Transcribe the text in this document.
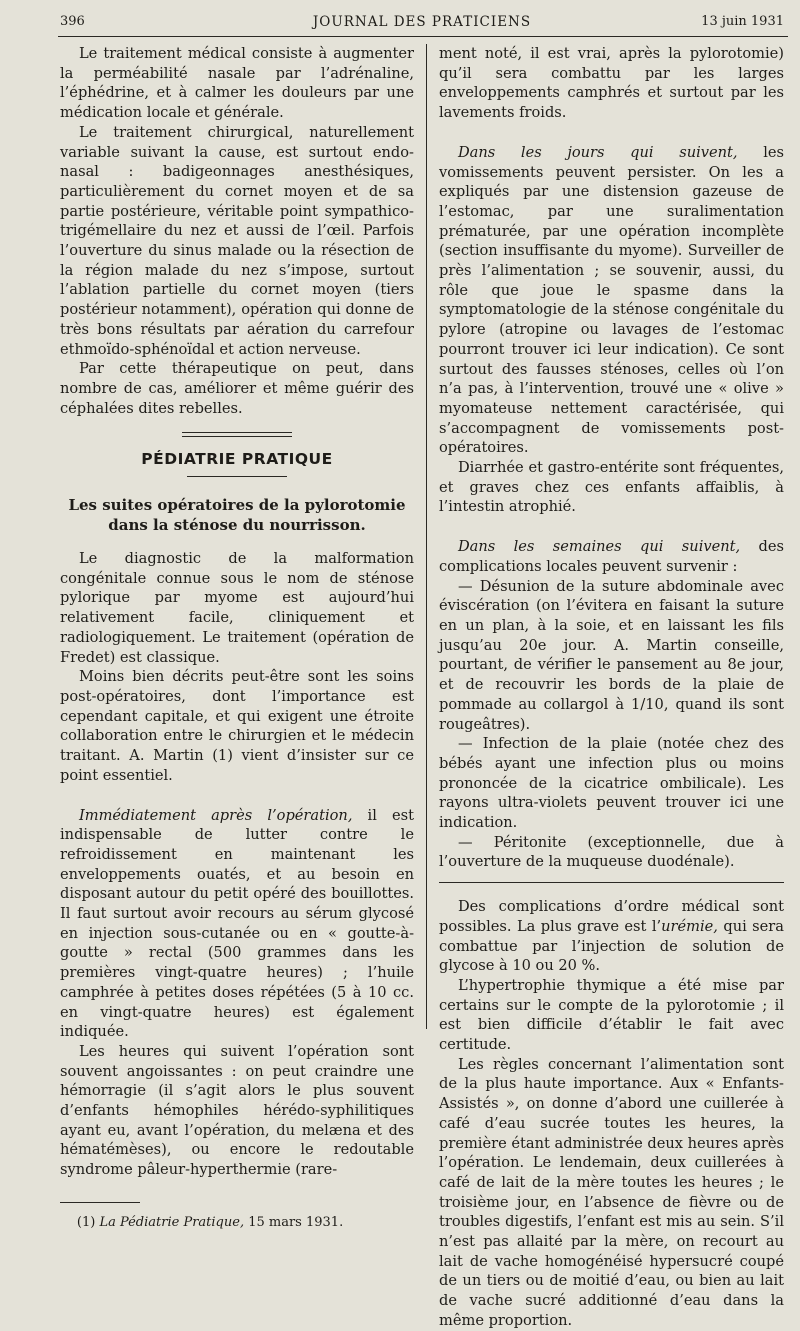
396	JOURNAL DES PRATICIENS	13 juin 1931

Le traitement médical consiste à augmenter la perméabilité nasale par l’adrénaline, l’éphédrine, et à calmer les douleurs par une médication locale et générale.

Le traitement chirurgical, naturellement variable suivant la cause, est surtout endo-nasal : badigeonnages anesthésiques, particulièrement du cornet moyen et de sa partie postérieure, véritable point sympathico-trigémellaire du nez et aussi de l’œil. Parfois l’ouverture du sinus malade ou la résection de la région malade du nez s’impose, surtout l’ablation partielle du cornet moyen (tiers postérieur notamment), opération qui donne de très bons résultats par aération du carrefour ethmoïdo-sphénoïdal et action nerveuse.

Par cette thérapeutique on peut, dans nombre de cas, améliorer et même guérir des céphalées dites rebelles.

PÉDIATRIE PRATIQUE
Les suites opératoires de la pylorotomie dans la sténose du nourrisson.

Le diagnostic de la malformation congénitale connue sous le nom de sténose pylorique par myome est aujourd’hui relativement facile, cliniquement et radiologiquement. Le traitement (opération de Fredet) est classique.

Moins bien décrits peut-être sont les soins post-opératoires, dont l’importance est cependant capitale, et qui exigent une étroite collaboration entre le chirurgien et le médecin traitant. A. Martin (1) vient d’insister sur ce point essentiel.

Immédiatement après l’opération, il est indispensable de lutter contre le refroidissement en maintenant les enveloppements ouatés, et au besoin en disposant autour du petit opéré des bouillottes. Il faut surtout avoir recours au sérum glycosé en injection sous-cutanée ou en « goutte-à-goutte » rectal (500 grammes dans les premières vingt-quatre heures) ; l’huile camphrée à petites doses répétées (5 à 10 cc. en vingt-quatre heures) est également indiquée.

Les heures qui suivent l’opération sont souvent angoissantes : on peut craindre une hémorragie (il s’agit alors le plus souvent d’enfants hémophiles hérédo-syphilitiques ayant eu, avant l’opération, du melæna et des hématémèses), ou encore le redoutable syndrome pâleur-hyperthermie (rare-

(1) La Pédiatrie Pratique, 15 mars 1931.

ment noté, il est vrai, après la pylorotomie) qu’il sera combattu par les larges enveloppements camphrés et surtout par les lavements froids.

Dans les jours qui suivent, les vomissements peuvent persister. On les a expliqués par une distension gazeuse de l’estomac, par une suralimentation prématurée, par une opération incomplète (section insuffisante du myome). Surveiller de près l’alimentation ; se souvenir, aussi, du rôle que joue le spasme dans la symptomatologie de la sténose congénitale du pylore (atropine ou lavages de l’estomac pourront trouver ici leur indication). Ce sont surtout des fausses sténoses, celles où l’on n’a pas, à l’intervention, trouvé une « olive » myomateuse nettement caractérisée, qui s’accompagnent de vomissements post-opératoires.

Diarrhée et gastro-entérite sont fréquentes, et graves chez ces enfants affaiblis, à l’intestin atrophié.

Dans les semaines qui suivent, des complications locales peuvent survenir :

— Désunion de la suture abdominale avec éviscération (on l’évitera en faisant la suture en un plan, à la soie, et en laissant les fils jusqu’au 20e jour. A. Martin conseille, pourtant, de vérifier le pansement au 8e jour, et de recouvrir les bords de la plaie de pommade au collargol à 1/10, quand ils sont rougeâtres).

— Infection de la plaie (notée chez des bébés ayant une infection plus ou moins prononcée de la cicatrice ombilicale). Les rayons ultra-violets peuvent trouver ici une indication.

— Péritonite (exceptionnelle, due à l’ouverture de la muqueuse duodénale).

Des complications d’ordre médical sont possibles. La plus grave est l’urémie, qui sera combattue par l’injection de solution de glycose à 10 ou 20 %.

L’hypertrophie thymique a été mise par certains sur le compte de la pylorotomie ; il est bien difficile d’établir le fait avec certitude.

Les règles concernant l’alimentation sont de la plus haute importance. Aux « Enfants-Assistés », on donne d’abord une cuillerée à café d’eau sucrée toutes les heures, la première étant administrée deux heures après l’opération. Le lendemain, deux cuillerées à café de lait de la mère toutes les heures ; le troisième jour, en l’absence de fièvre ou de troubles digestifs, l’enfant est mis au sein. S’il n’est pas allaité par la mère, on recourt au lait de vache homogénéisé hypersucré coupé de un tiers ou de moitié d’eau, ou bien au lait de vache sucré additionné d’eau dans la même proportion.
